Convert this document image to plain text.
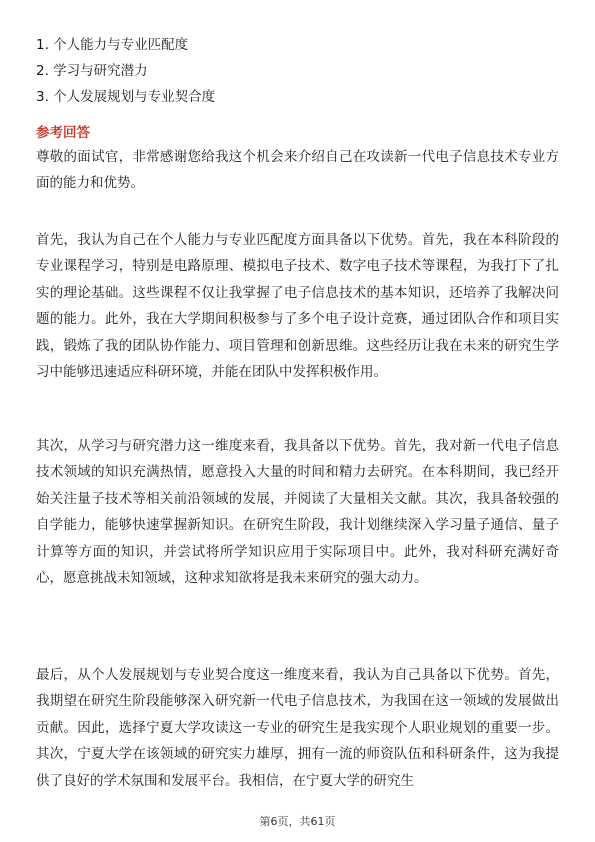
1. 个人能力与专业匹配度
2. 学习与研究潜力
3. 个人发展规划与专业契合度
参考回答

尊敬的面试官，非常感谢您给我这个机会来介绍自己在攻读新一代电子信息技术专业方面的能力和优势。

首先，我认为自己在个人能力与专业匹配度方面具备以下优势。首先，我在本科阶段的专业课程学习，特别是电路原理、模拟电子技术、数字电子技术等课程，为我打下了扎实的理论基础。这些课程不仅让我掌握了电子信息技术的基本知识，还培养了我解决问题的能力。此外，我在大学期间积极参与了多个电子设计竞赛，通过团队合作和项目实践，锻炼了我的团队协作能力、项目管理和创新思维。这些经历让我在未来的研究生学习中能够迅速适应科研环境，并能在团队中发挥积极作用。

其次，从学习与研究潜力这一维度来看，我具备以下优势。首先，我对新一代电子信息技术领域的知识充满热情，愿意投入大量的时间和精力去研究。在本科期间，我已经开始关注量子技术等相关前沿领域的发展，并阅读了大量相关文献。其次，我具备较强的自学能力，能够快速掌握新知识。在研究生阶段，我计划继续深入学习量子通信、量子计算等方面的知识，并尝试将所学知识应用于实际项目中。此外，我对科研充满好奇心，愿意挑战未知领域，这种求知欲将是我未来研究的强大动力。

最后，从个人发展规划与专业契合度这一维度来看，我认为自己具备以下优势。首先，我期望在研究生阶段能够深入研究新一代电子信息技术，为我国在这一领域的发展做出贡献。因此，选择宁夏大学攻读这一专业的研究生是我实现个人职业规划的重要一步。其次，宁夏大学在该领域的研究实力雄厚，拥有一流的师资队伍和科研条件，这为我提供了良好的学术氛围和发展平台。我相信，在宁夏大学的研究生

第6页，共61页
